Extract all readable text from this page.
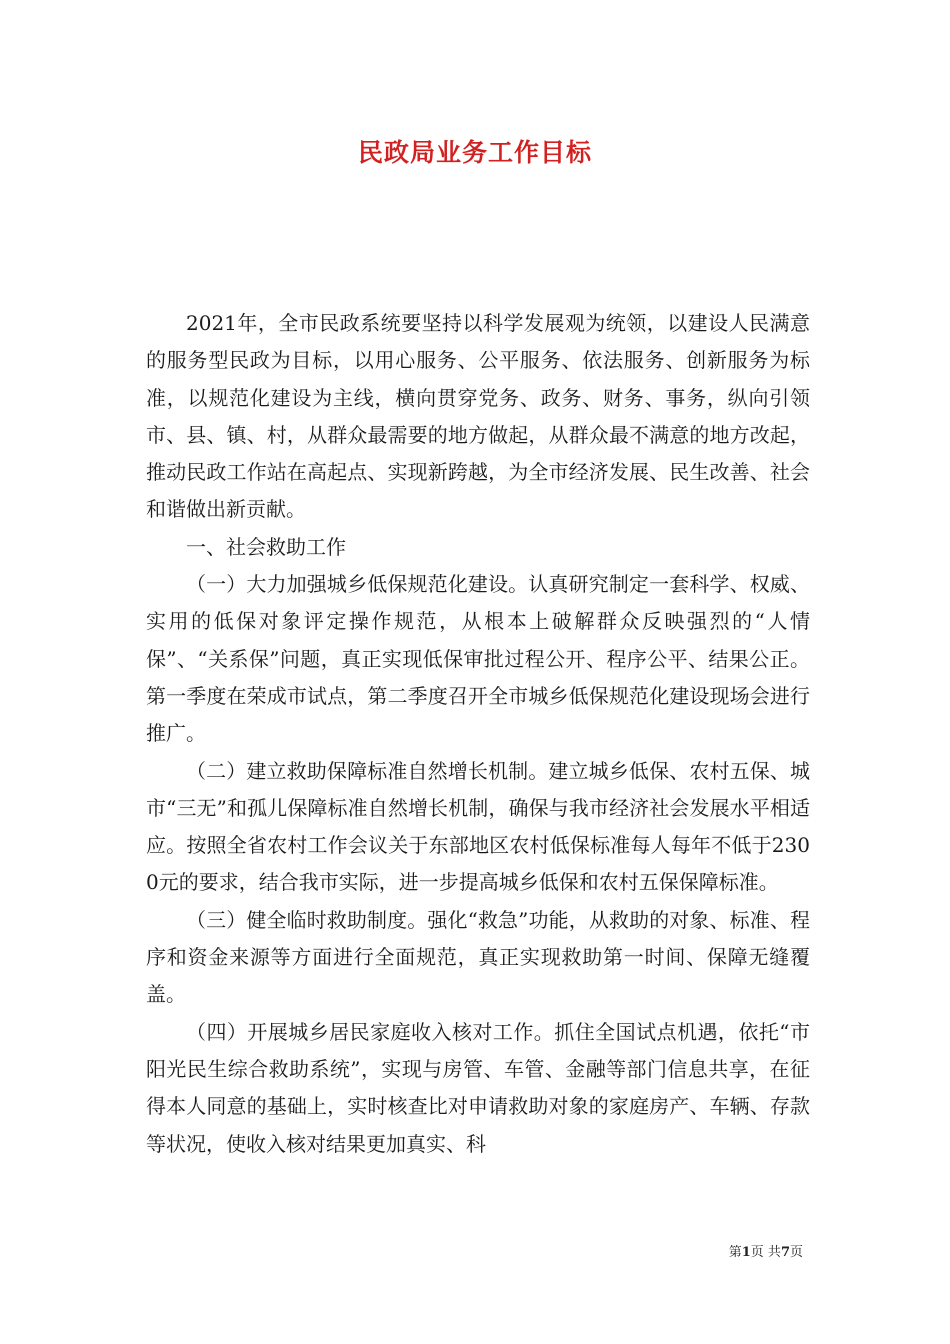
民政局业务工作目标

2021年，全市民政系统要坚持以科学发展观为统领，以建设人民满意的服务型民政为目标，以用心服务、公平服务、依法服务、创新服务为标准，以规范化建设为主线，横向贯穿党务、政务、财务、事务，纵向引领市、县、镇、村，从群众最需要的地方做起，从群众最不满意的地方改起，推动民政工作站在高起点、实现新跨越，为全市经济发展、民生改善、社会和谐做出新贡献。

一、社会救助工作

（一）大力加强城乡低保规范化建设。认真研究制定一套科学、权威、实用的低保对象评定操作规范，从根本上破解群众反映强烈的“人情保”、“关系保”问题，真正实现低保审批过程公开、程序公平、结果公正。第一季度在荣成市试点，第二季度召开全市城乡低保规范化建设现场会进行推广。

（二）建立救助保障标准自然增长机制。建立城乡低保、农村五保、城市“三无”和孤儿保障标准自然增长机制，确保与我市经济社会发展水平相适应。按照全省农村工作会议关于东部地区农村低保标准每人每年不低于2300元的要求，结合我市实际，进一步提高城乡低保和农村五保保障标准。

（三）健全临时救助制度。强化“救急”功能，从救助的对象、标准、程序和资金来源等方面进行全面规范，真正实现救助第一时间、保障无缝覆盖。

（四）开展城乡居民家庭收入核对工作。抓住全国试点机遇，依托“市阳光民生综合救助系统”，实现与房管、车管、金融等部门信息共享，在征得本人同意的基础上，实时核查比对申请救助对象的家庭房产、车辆、存款等状况，使收入核对结果更加真实、科

第1页 共7页
